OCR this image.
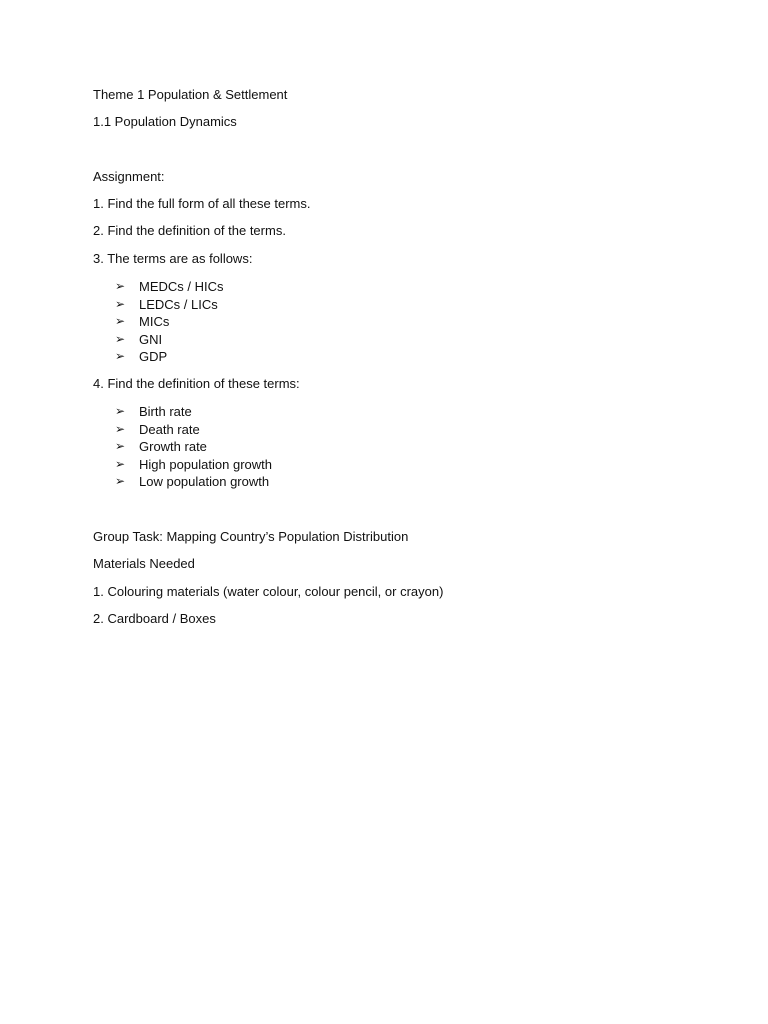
Theme 1 Population & Settlement
1.1 Population Dynamics
Assignment:
1. Find the full form of all these terms.
2. Find the definition of the terms.
3. The terms are as follows:
➢	MEDCs / HICs
➢	LEDCs / LICs
➢	MICs
➢	GNI
➢	GDP
4. Find the definition of these terms:
➢	Birth rate
➢	Death rate
➢	Growth rate
➢	High population growth
➢	Low population growth
Group Task: Mapping Country’s Population Distribution
Materials Needed
1. Colouring materials (water colour, colour pencil, or crayon)
2. Cardboard / Boxes
